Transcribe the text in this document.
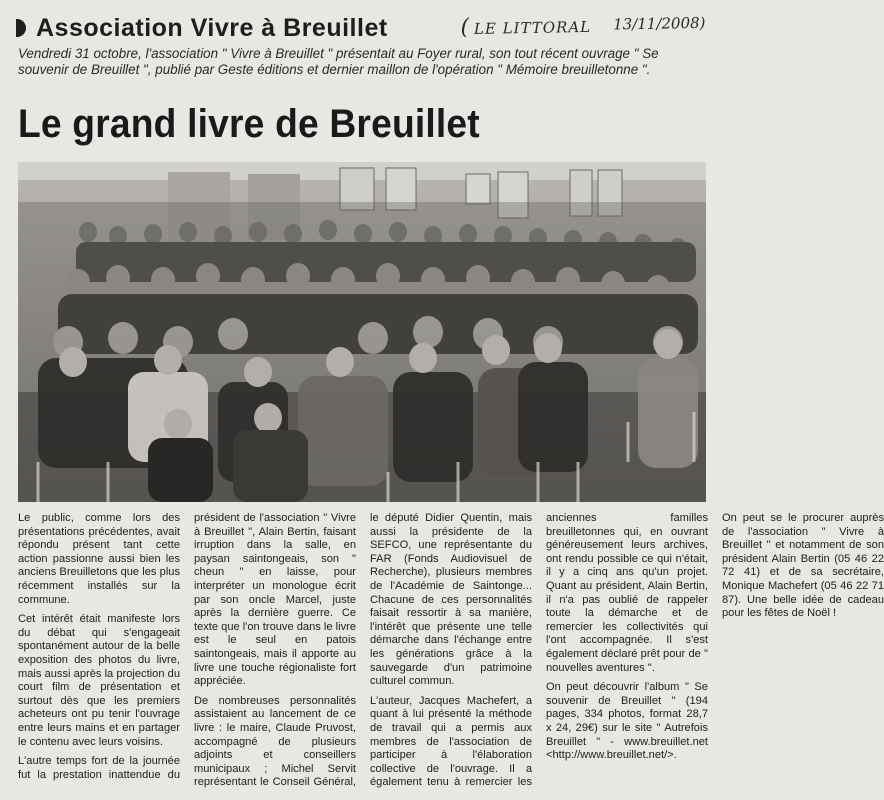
Association Vivre à Breuillet	( LE LITTORAL 13/11/2008)

Vendredi 31 octobre, l'association " Vivre à Breuillet " présentait au Foyer rural, son tout récent ouvrage " Se souvenir de Breuillet ", publié par Geste éditions et dernier maillon de l'opération " Mémoire breuilletonne ".

Le grand livre de Breuillet

Le public, comme lors des présentations précédentes, avait répondu présent tant cette action passionne aussi bien les anciens Breuilletons que les plus récemment installés sur la commune.

Cet intérêt était manifeste lors du débat qui s'engageait spontanément autour de la belle exposition des photos du livre, mais aussi après la projection du court film de présentation et surtout dès que les premiers acheteurs ont pu tenir l'ouvrage entre leurs mains et en partager le contenu avec leurs voisins.

L'autre temps fort de la journée fut la prestation inattendue du président de l'association " Vivre à Breuillet ", Alain Bertin, faisant irruption dans la salle, en paysan saintongeais, son " cheun " en laisse, pour interpréter un monologue écrit par son oncle Marcel, juste après la dernière guerre. Ce texte que l'on trouve dans le livre est le seul en patois saintongeais, mais il apporte au livre une touche régionaliste fort appréciée.

De nombreuses personnalités assistaient au lancement de ce livre : le maire, Claude Pruvost, accompagné de plusieurs adjoints et conseillers municipaux ; Michel Servit représentant le Conseil Général, le député Didier Quentin, mais aussi la présidente de la SEFCO, une représentante du FAR (Fonds Audiovisuel de Recherche), plusieurs membres de l'Académie de Saintonge... Chacune de ces personnalités faisait ressortir à sa manière, l'intérêt que présente une telle démarche dans l'échange entre les générations grâce à la sauvegarde d'un patrimoine culturel commun.

L'auteur, Jacques Machefert, a quant à lui présenté la méthode de travail qui a permis aux membres de l'association de participer à l'élaboration collective de l'ouvrage. Il a également tenu à remercier les anciennes familles breuilletonnes qui, en ouvrant généreusement leurs archives, ont rendu possible ce qui n'était, il y a cinq ans qu'un projet. Quant au président, Alain Bertin, il n'a pas oublié de rappeler toute la démarche et de remercier les collectivités qui l'ont accompagnée. Il s'est également déclaré prêt pour de " nouvelles aventures ".

On peut découvrir l'album " Se souvenir de Breuillet " (194 pages, 334 photos, format 28,7 x 24, 29€) sur le site " Autrefois Breuillet " - www.breuillet.net <http://www.breuillet.net/>.

On peut se le procurer auprès de l'association " Vivre à Breuillet " et notamment de son président Alain Bertin (05 46 22 72 41) et de sa secrétaire, Monique Machefert (05 46 22 71 87). Une belle idée de cadeau pour les fêtes de Noël !
